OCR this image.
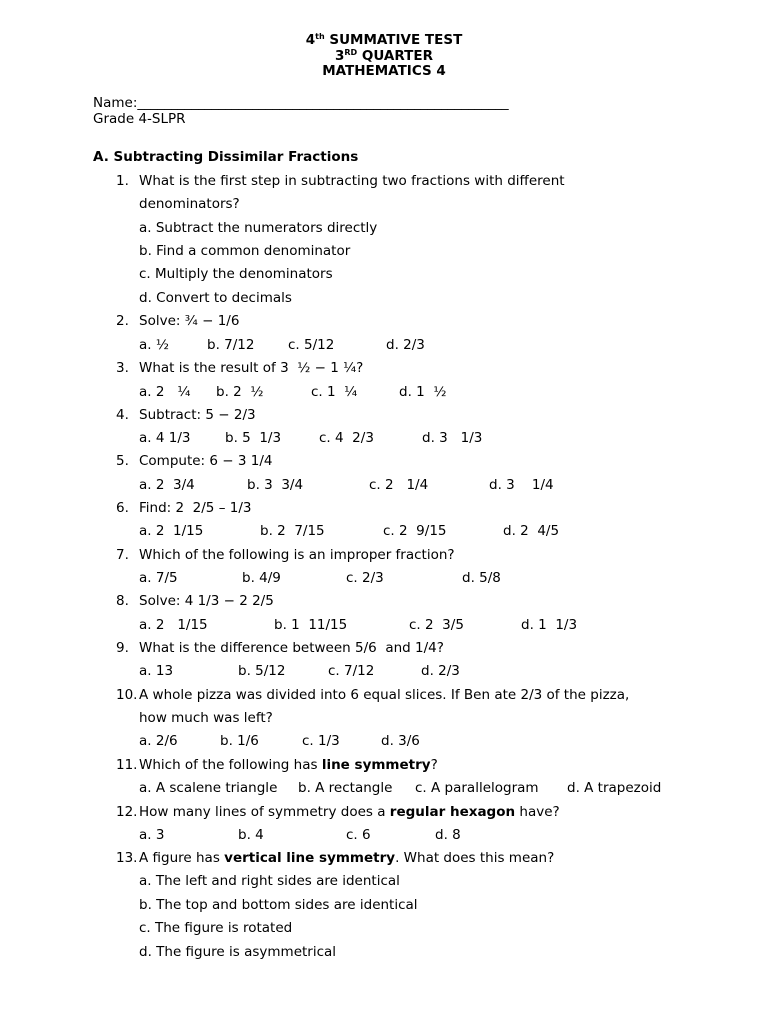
4th SUMMATIVE TEST
3RD QUARTER
MATHEMATICS 4
Name:_______________________________________________________
Grade 4-SLPR
A. Subtracting Dissimilar Fractions
1. What is the first step in subtracting two fractions with different
denominators?
a. Subtract the numerators directly
b. Find a common denominator
c. Multiply the denominators
d. Convert to decimals
2. Solve: ¾ − 1/6
a. ½	b. 7/12 c. 5/12	d. 2/3
3. What is the result of 3  ½ − 1 ¼?
a. 2   ¼ b. 2  ½	c. 1  ¼	d. 1  ½
4. Subtract: 5 − 2/3
a. 4 1/3	b. 5  1/3	c. 4  2/3	d. 3   1/3
5. Compute: 6 − 3 1/4
a. 2  3/4	b. 3  3/4	c. 2   1/4	d. 3    1/4
6. Find: 2  2/5 – 1/3
a. 2  1/15	b. 2  7/15	c. 2  9/15	d. 2  4/5
7. Which of the following is an improper fraction?
a. 7/5	b. 4/9	c. 2/3	d. 5/8
8. Solve: 4 1/3 − 2 2/5
a. 2   1/15	b. 1  11/15	c. 2  3/5	d. 1  1/3
9. What is the difference between 5/6  and 1/4?
a. 13	b. 5/12	c. 7/12	d. 2/3
10. A whole pizza was divided into 6 equal slices. If Ben ate 2/3 of the pizza,
how much was left?
a. 2/6	b. 1/6	c. 1/3	d. 3/6
11. Which of the following has line symmetry?
a. A scalene triangle b. A rectangle c. A parallelogram d. A trapezoid
12. How many lines of symmetry does a regular hexagon have?
a. 3	b. 4	c. 6	d. 8
13. A figure has vertical line symmetry. What does this mean?
a. The left and right sides are identical
b. The top and bottom sides are identical
c. The figure is rotated
d. The figure is asymmetrical
